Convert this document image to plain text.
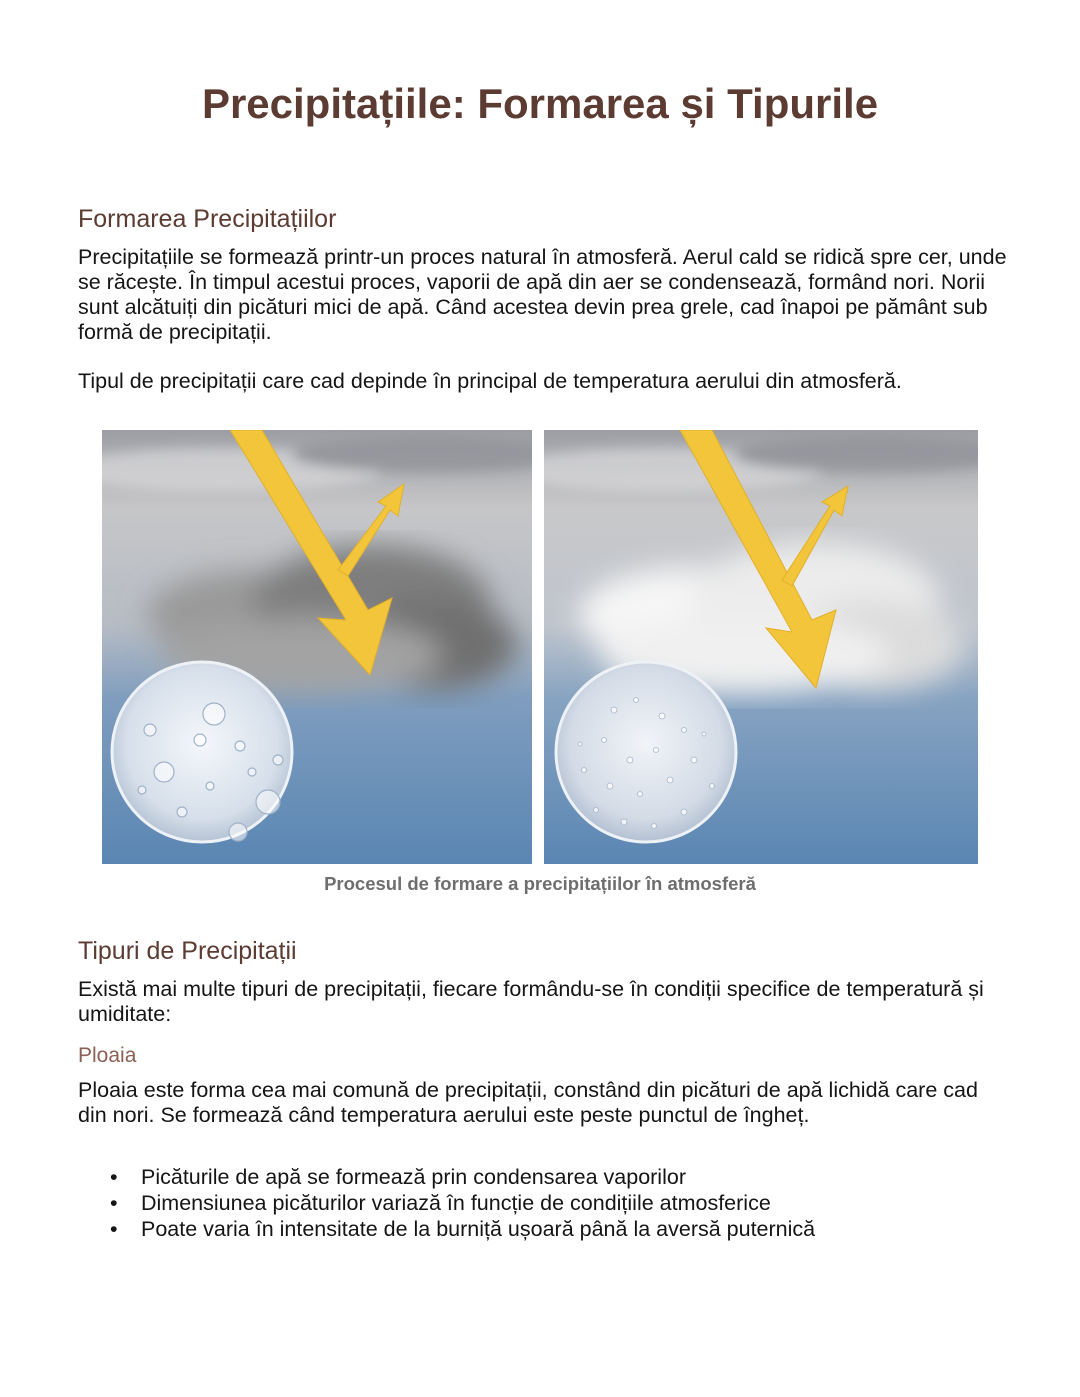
Precipitațiile: Formarea și Tipurile
Formarea Precipitațiilor

Precipitațiile se formează printr-un proces natural în atmosferă. Aerul cald se ridică spre cer, unde se răcește. În timpul acestui proces, vaporii de apă din aer se condensează, formând nori. Norii sunt alcătuiți din picături mici de apă. Când acestea devin prea grele, cad înapoi pe pământ sub formă de precipitații.

Tipul de precipitații care cad depinde în principal de temperatura aerului din atmosferă.

Procesul de formare a precipitațiilor în atmosferă
Tipuri de Precipitații

Există mai multe tipuri de precipitații, fiecare formându-se în condiții specifice de temperatură și umiditate:

Ploaia

Ploaia este forma cea mai comună de precipitații, constând din picături de apă lichidă care cad din nori. Se formează când temperatura aerului este peste punctul de îngheț.

• Picăturile de apă se formează prin condensarea vaporilor
• Dimensiunea picăturilor variază în funcție de condițiile atmosferice
• Poate varia în intensitate de la burniță ușoară până la aversă puternică
